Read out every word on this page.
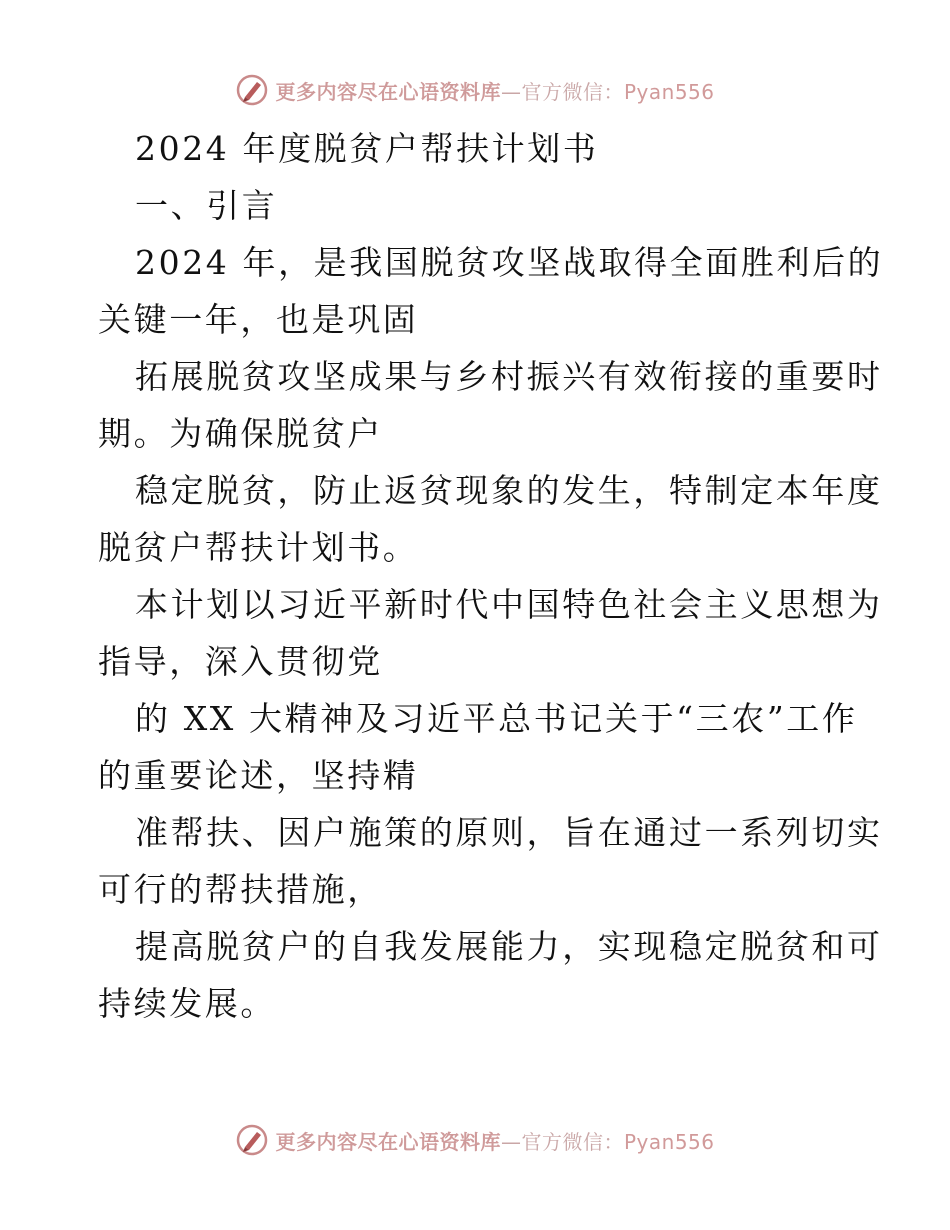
更多内容尽在心语资料库—官方微信：Pyan556
2024 年度脱贫户帮扶计划书
一、引言
2024 年，是我国脱贫攻坚战取得全面胜利后的
关键一年，也是巩固
拓展脱贫攻坚成果与乡村振兴有效衔接的重要时
期。为确保脱贫户
稳定脱贫，防止返贫现象的发生，特制定本年度
脱贫户帮扶计划书。
本计划以习近平新时代中国特色社会主义思想为
指导，深入贯彻党
的 XX 大精神及习近平总书记关于“三农”工作
的重要论述，坚持精
准帮扶、因户施策的原则，旨在通过一系列切实
可行的帮扶措施，
提高脱贫户的自我发展能力，实现稳定脱贫和可
持续发展。
更多内容尽在心语资料库—官方微信：Pyan556
